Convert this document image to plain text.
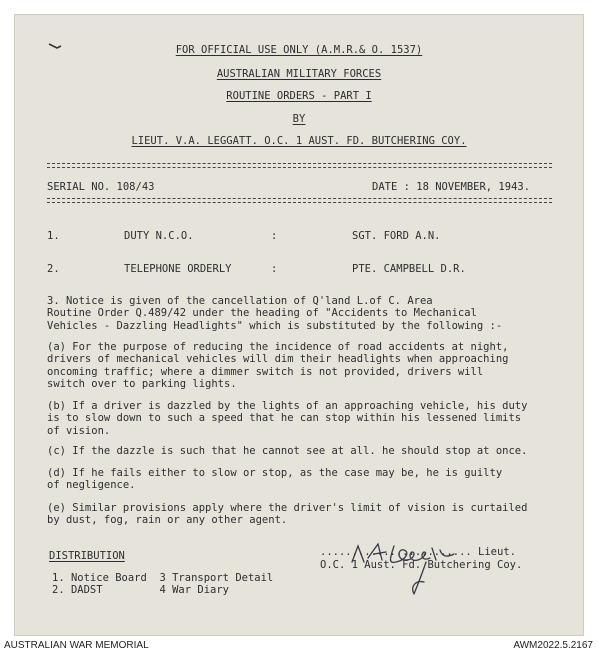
FOR OFFICIAL USE ONLY (A.M.R.& O. 1537)
AUSTRALIAN MILITARY FORCES
ROUTINE ORDERS - PART I
BY
LIEUT. V.A. LEGGATT. O.C. 1 AUST. FD. BUTCHERING COY.
SERIAL NO. 108/43	DATE : 18 NOVEMBER, 1943.
1.	DUTY N.C.O.	:	SGT. FORD A.N.
2.	TELEPHONE ORDERLY	:	PTE. CAMPBELL D.R.
3. Notice is given of the cancellation of Q'land L.of C. Area
Routine Order Q.489/42 under the heading of "Accidents to Mechanical
Vehicles - Dazzling Headlights" which is substituted by the following :-
(a) For the purpose of reducing the incidence of road accidents at night,
drivers of mechanical vehicles will dim their headlights when approaching
oncoming traffic; where a dimmer switch is not provided, drivers will
switch over to parking lights.
(b) If a driver is dazzled by the lights of an approaching vehicle, his duty
is to slow down to such a speed that he can stop within his lessened limits
of vision.
(c) If the dazzle is such that he cannot see at all. he should stop at once.
(d) If he fails either to slow or stop, as the case may be, he is guilty
of negligence.
(e) Similar provisions apply where the driver's limit of vision is curtailed
by dust, fog, rain or any other agent.
........................ Lieut.
O.C. 1 Aust. Fd. Butchering Coy.
DISTRIBUTION
1. Notice Board  3 Transport Detail
2. DADST         4 War Diary
AUSTRALIAN WAR MEMORIAL	AWM2022.5.2167
